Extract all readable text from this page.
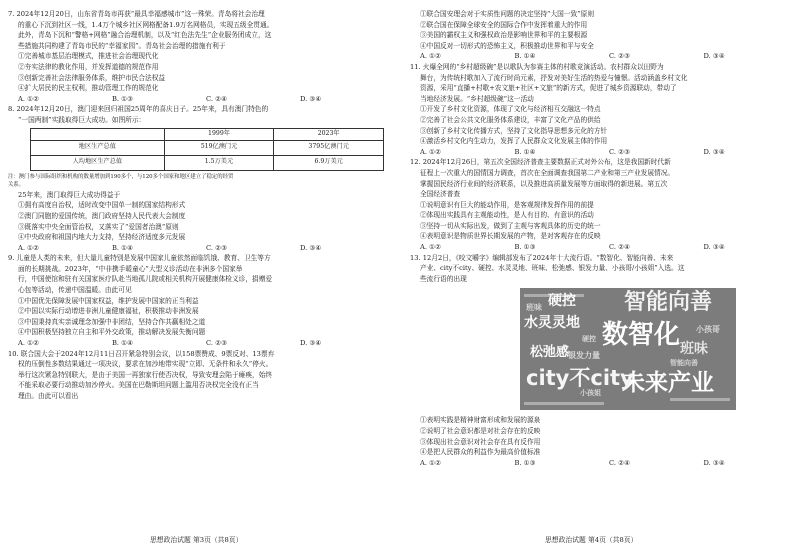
7. 2024年12月20日，山东省青岛市再获“最具幸福感城市”这一殊荣。青岛将社会治理
的重心下沉到社区一线，1.4万个城乡社区网格配备1.9万名网格员，实现五级全贯通。
此外，青岛下沉和“警格+网格”融合治理机制，以及“红色法先生”企业服务团成立，这
些措施共同构建了青岛市民的“幸福家园”。青岛社会治理的措施有利于
①完善城市基层治理模式，推进社会治理现代化
②夯实法律的教化作用，并发挥道德的规范作用
③创新完善社会法律服务体系，维护市民合法权益
④扩大居民的民主权利，推动管理工作的规范化
A. ①②	B. ①③	C. ②④	D. ③④
8. 2024年12月20日，澳门迎来回归祖国25周年的喜庆日子。25年来，具有澳门特色的
“一国两制”实践取得巨大成功。如图所示：
	1999年	2023年
地区生产总值	519亿澳门元	3795亿澳门元
人均地区生产总值	1.5万美元	6.9万美元
注：澳门参与国际组织和机构的数量增加到190多个，与120多个国家和地区建立了稳定的经贸
关系。
25年来，澳门取得巨大成功得益于
①拥有高度自治权，适时改变中国单一制的国家结构形式
②澳门同胞的爱国传统，澳门政府坚持人民代表大会制度
③既落实中央全面管治权，又落实了“爱国者治澳”原则
④中央政府和祖国内地大力支持，坚持经济适度多元发展
A. ①②	B. ①④	C. ②③	D. ③④
9. 儿童是人类的未来，但大量儿童特别是发展中国家儿童依然面临饥饿、教育、卫生等方
面的长期挑战。2023年，“中非携手暖童心”大型义诊活动在非洲多个国家举
行，中国使馆和驻有关国家医疗队赴当地孤儿院或相关机构开展健康体检义诊，捐赠爱
心包等活动，传递中国温暖。由此可见
①中国优先保障发展中国家权益，维护发展中国家的正当利益
②中国以实际行动增进非洲儿童健康福祉，积极推动非洲发展
③中国秉持真实亲诚理念加强中非团结，坚持合作共赢相处之道
④中国积极坚持独立自主和平外交政策，推动解决发展失衡问题
A. ①②	B. ①④	C. ②③	D. ③④
10. 联合国大会于2024年12月11日召开紧急特别会议，以158票赞成、9票反对、13票弃
权的压倒性多数结果通过一项决议，要求在加沙地带实现“立即、无条件和永久”停火。
举行这次紧急特别联大，是由于美国一再独家行使否决权，导致安理会陷于瘫痪，始终
不能采取必要行动推动加沙停火。美国在巴勒斯坦问题上滥用否决权完全没有正当
理由。由此可以看出
①联合国安理会对于实质性问题的决定坚持“大国一致”原则
②联合国在保障全球安全的国际合作中发挥着重大的作用
③美国的霸权主义和强权政治是影响世界和平的主要根源
④中国反对一切形式的恐怖主义，积极推动世界和平与安全
A. ①②	B. ①④	C. ②③	D. ③④
11. 火爆全网的“乡村超级碗”是以歌队为参赛主体的村歌竞演活动。农村群众以田野为
舞台，为传统村歌加入了流行时尚元素，抒发对美好生活的热爱与憧憬。活动涵盖乡村文化
资源，采用“直播+村歌+农文旅+社区+文旅”的新方式，促进了城乡资源联动，带动了
当地经济发展。“乡村超级碗”这一活动
①开发了乡村文化资源，体现了文化与经济相互交融这一特点
②完善了社会公共文化服务体系建设，丰富了文化产品的供给
③创新了乡村文化传播方式，坚持了文化指导思想多元化的方针
④激活乡村文化内生动力，发挥了人民群众文化发展主体的作用
A. ①②	B. ①④	C. ②③	D. ③④
12. 2024年12月26日，第五次全国经济普查主要数据正式对外公布，这是我国新时代新
征程上一次重大的国情国力调查，首次在全面调查我国第二产业和第三产业发展情况。
掌握国民经济行业间的经济联系，以及推进高质量发展等方面取得的新进展。第五次
全国经济普查
①说明意识有巨大的能动作用，是客观规律发挥作用的前提
②体现出实践具有主观能动性，是人有目的、有意识的活动
③坚持一切从实际出发，做到了主观与客观具体的历史的统一
④表明意识是物质世界长期发展的产物，是对客观存在的反映
A. ①②	B. ①③	C. ②④	D. ③④
13. 12月2日，《咬文嚼字》编辑部发布了2024年十大流行语。“数智化、智能向善、未来
产业、city不city、硬控、水灵灵地、班味、松弛感、银发力量、小孩哥/小孩姐”入选。这
些流行语的出现
智能向善
数智化
未来产业
city不city
水灵灵地
松弛感	班味
硬控
银发力量
小孩哥
班味
小孩姐
硬控
智能向善
①表明实践是精神财富形成和发展的源泉
②说明了社会意识都是对社会存在的反映
③体现出社会意识对社会存在具有反作用
④是把人民群众的利益作为最高价值标准
A. ①②	B. ①③	C. ②④	D. ③④
思想政治试题 第3页（共8页）	思想政治试题 第4页（共8页）
